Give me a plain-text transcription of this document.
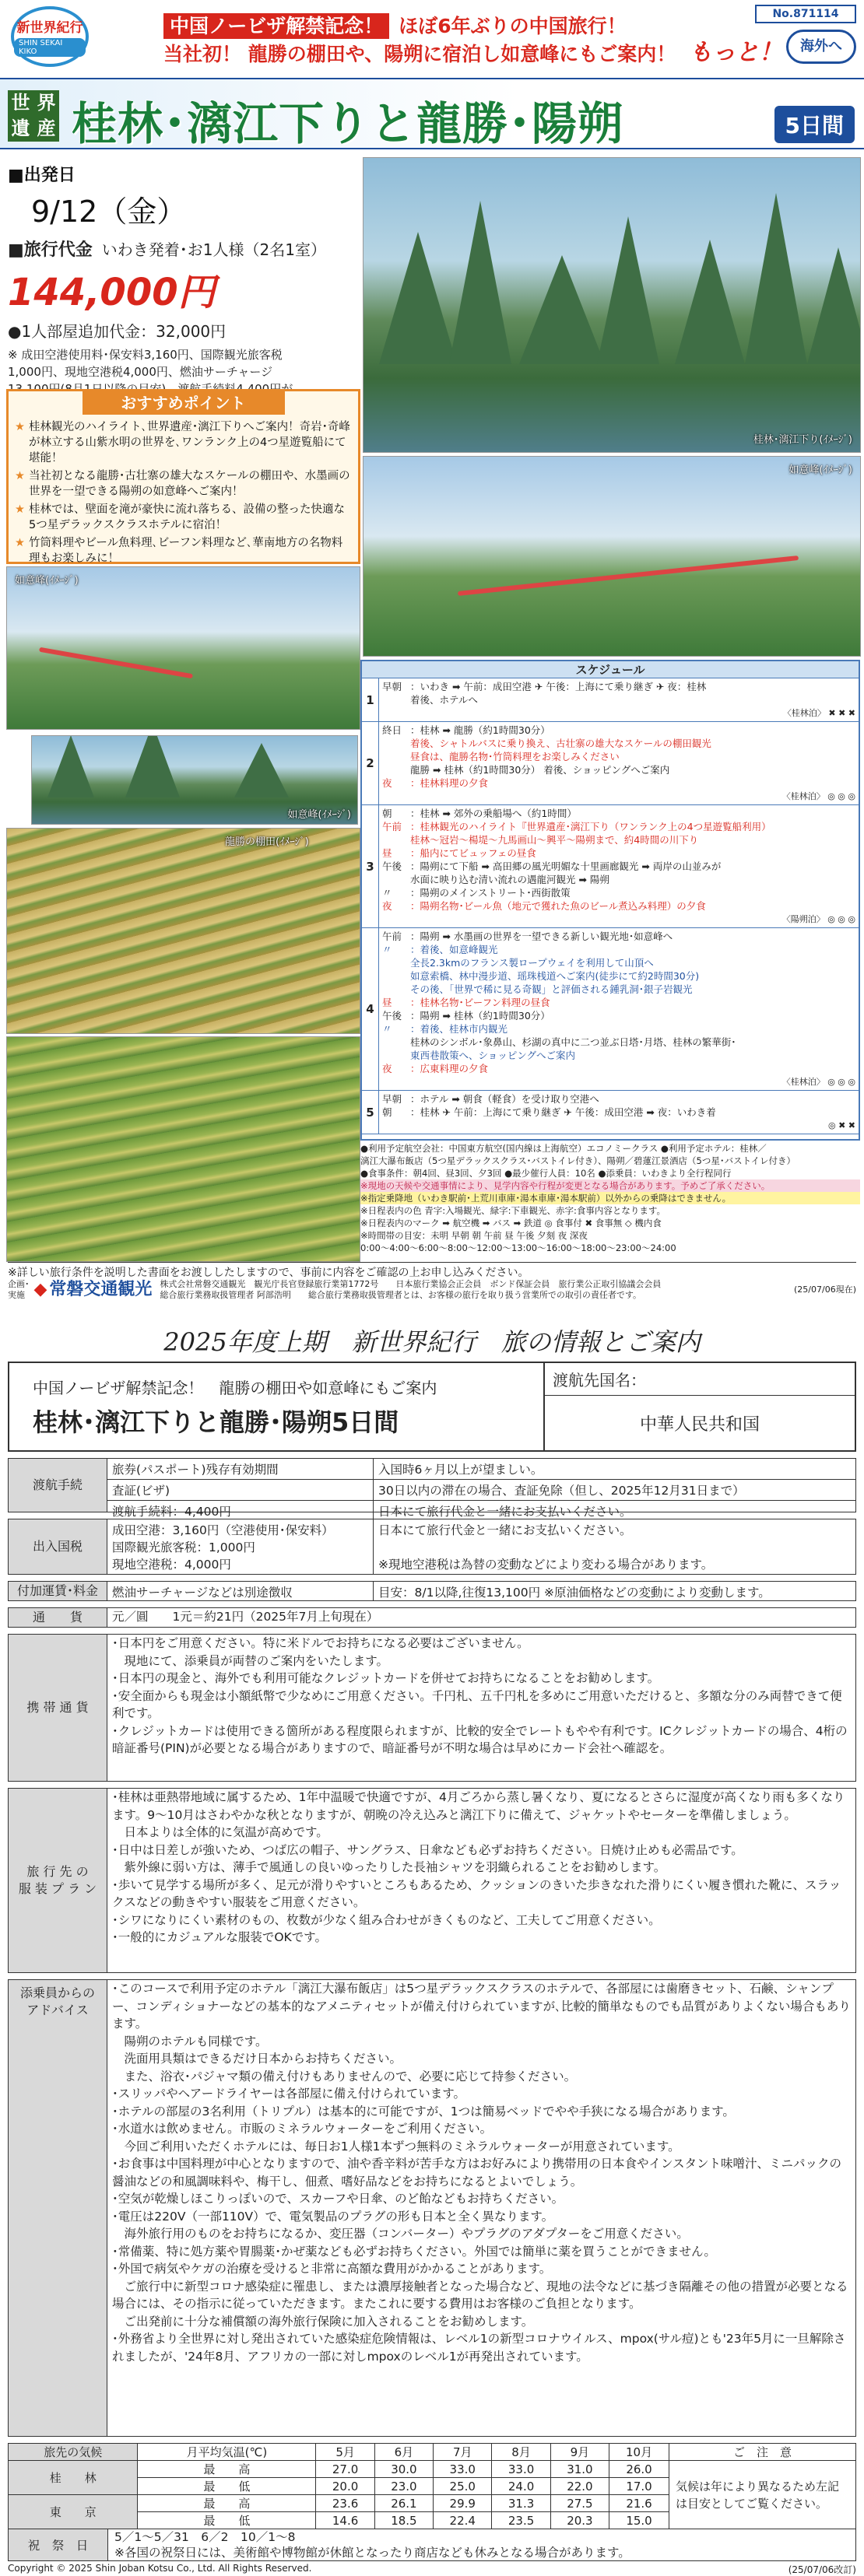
新世界紀行
SHIN SEKAI KIKO
中国ノービザ解禁記念！ ほぼ6年ぶりの中国旅行！
当社初！ 龍勝の棚田や、陽朔に宿泊し如意峰にもご案内！
No.871114
もっと！	海外へ
世 界
遺 産 桂林･漓江下りと龍勝･陽朔	5日間
■出発日
9/12（金）
■旅行代金 いわき発着･お1人様（2名1室）
144,000円
●1人部屋追加代金：32,000円
※ 成田空港使用料･保安料3,160円、国際観光旅客税
1,000円、現地空港税4,000円、燃油サーチャージ
おすすめポイント
★ 桂林観光のハイライト､世界遺産･漓江下りへご案内！奇岩･奇峰が林立する山紫水明の世界を､ワンランク上の4つ星遊覧船にて堪能！
★ 当社初となる龍勝･古壮寨の雄大なスケールの棚田や、水墨画の世界を一望できる陽朔の如意峰へご案内！
★ 桂林では、壁面を滝が豪快に流れ落ちる、設備の整った快適な5つ星デラックスクラスホテルに宿泊！
★ 竹筒料理やビール魚料理､ビーフン料理など､華南地方の名物料理もお楽しみに！
桂林･漓江下り(ｲﾒｰｼﾞ)
如意峰(ｲﾒｰｼﾞ)
如意峰(ｲﾒｰｼﾞ)
如意峰(ｲﾒｰｼﾞ)
龍勝の棚田(ｲﾒｰｼﾞ)
スケジュール
1
早朝 ：いわき ➡ 午前：成田空港 ✈ 午後：上海にて乗り継ぎ ✈ 夜：桂林
着後、ホテルへ
〈桂林泊〉 ✖ ✖ ✖
2
終日 ：桂林 ➡ 龍勝（約1時間30分）
着後、シャトルバスに乗り換え、古壮寨の雄大なスケールの棚田観光
昼食は、龍勝名物･竹筒料理をお楽しみください
龍勝 ➡ 桂林（約1時間30分） 着後、ショッピングへご案内
夜	：桂林料理の夕食
〈桂林泊〉 ◎ ◎ ◎
3
朝	：桂林 ➡ 郊外の乗船場へ（約1時間）
午前 ：桂林観光のハイライト『世界遺産･漓江下り（ワンランク上の4つ星遊覧船利用）
桂林〜冠岩〜楊堤〜九馬画山〜興平〜陽朔まで、約4時間の川下り
昼	：船内にてビュッフェの昼食
午後 ：陽朔にて下船 ➡ 高田郷の風光明媚な十里画廊観光 ➡ 両岸の山並みが
水面に映り込む清い流れの遇龍河観光 ➡ 陽朔
〃	：陽朔のメインストリート･西街散策
夜	：陽朔名物･ビール魚（地元で獲れた魚のビール煮込み料理）の夕食
〈陽朔泊〉 ◎ ◎ ◎
4
午前 ：陽朔 ➡ 水墨画の世界を一望できる新しい観光地･如意峰へ
〃	：着後、如意峰観光
全長2.3kmのフランス製ロープウェイを利用して山頂へ
如意索橋、林中漫步道、瑶珠桟道へご案内(徒歩にて約2時間30分)
その後、「世界で稀に見る奇観」と評価される鍾乳洞･銀子岩観光
昼	：桂林名物･ビーフン料理の昼食
午後 ：陽朔 ➡ 桂林（約1時間30分）
〃	：着後、桂林市内観光
桂林のシンボル･象鼻山、杉湖の真中に二つ並ぶ日塔･月塔、桂林の繁華街･
東西巷散策へ、ショッピングへご案内
夜	：広東料理の夕食
〈桂林泊〉 ◎ ◎ ◎
5
早朝 ：ホテル ➡ 朝食（軽食）を受け取り空港へ
朝	：桂林 ✈ 午前：上海にて乗り継ぎ ✈ 午後：成田空港 ➡ 夜：いわき着
◎ ✖ ✖
●利用予定航空会社：中国東方航空(国内線は上海航空）エコノミークラス ●利用予定ホテル：桂林／
漓江大瀑布飯店（5つ星デラックスクラス･バストイレ付き）、陽朔／碧蓮江景酒店（5つ星･バストイレ付き）
●食事条件：朝4回、昼3回、夕3回 ●最少催行人員：10名 ●添乗員：いわきより全行程同行
※現地の天候や交通事情により、見学内容や行程が変更となる場合があります。予めご了承ください。
※指定乗降地（いわき駅前･上荒川車庫･湯本車庫･湯本駅前）以外からの乗降はできません。
※日程表内の色 青字:入場観光、緑字:下車観光、赤字:食事内容となります。
※日程表内のマーク ➡ 航空機 ➡ バス ➡ 鉄道 ◎ 食事付 ✖ 食事無 ◇ 機内食
※時間帯の目安：未明 早朝 朝 午前 昼 午後 夕刻 夜 深夜
0:00〜4:00〜6:00〜8:00〜12:00〜13:00〜16:00〜18:00〜23:00〜24:00
※詳しい旅行条件を説明した書面をお渡ししたしますので、事前に内容をご確認の上お申し込みください。
企画･
実施	◆ 常磐交通観光 株式会社常磐交通観光　観光庁長官登録旅行業第1772号　　日本旅行業協会正会員　ボンド保証会員　旅行業公正取引協議会会員
総合旅行業務取扱管理者 阿部浩明　　総合旅行業務取扱管理者とは、お客様の旅行を取り扱う営業所での取引の責任者です。
(25/07/06現在)
2025年度上期　新世界紀行　旅の情報とご案内
中国ノービザ解禁記念！　龍勝の棚田や如意峰にもご案内
桂林･漓江下りと龍勝･陽朔5日間
渡航先国名：
中華人民共和国
渡航手続
旅券(パスポート)残存有効期間	入国時6ヶ月以上が望ましい。
査証(ビザ)	30日以内の滞在の場合、査証免除（但し、2025年12月31日まで）
渡航手続料：4,400円	日本にて旅行代金と一緒にお支払いください。
出入国税
成田空港：3,160円（空港使用･保安料）
国際観光旅客税：1,000円
現地空港税：4,000円
日本にて旅行代金と一緒にお支払いください。
※現地空港税は為替の変動などにより変わる場合があります。
付加運賃･料金	燃油サーチャージなどは別途徴収	目安：8/1以降,往復13,100円 ※原油価格などの変動により変動します。
通　　貨	元／圓　　1元＝約21円（2025年7月上旬現在）

携 帯 通 貨

･日本円をご用意ください。特に米ドルでお持ちになる必要はございません。

　現地にて、添乗員が両替のご案内をいたします。

･日本円の現金と、海外でも利用可能なクレジットカードを併せてお持ちになることをお勧めします。

･安全面からも現金は小額紙幣で少なめにご用意ください。千円札、五千円札を多めにご用意いただけると、多額な分のみ両替できて便利です。

･クレジットカードは使用できる箇所がある程度限られますが、比較的安全でレートもやや有利です。ICクレジットカードの場合、4桁の暗証番号(PIN)が必要となる場合がありますので、暗証番号が不明な場合は早めにカード会社へ確認を。

旅 行 先 の
服 装 プ ラ ン

･桂林は亜熱帯地域に属するため、1年中温暖で快適ですが、4月ごろから蒸し暑くなり、夏になるとさらに湿度が高くなり雨も多くなります。9〜10月はさわやかな秋となりますが、朝晩の冷え込みと漓江下りに備えて、ジャケットやセーターを準備しましょう。

　日本よりは全体的に気温が高めです。

･日中は日差しが強いため、つば広の帽子、サングラス、日傘なども必ずお持ちください。日焼け止めも必需品です。

　紫外線に弱い方は、薄手で風通しの良いゆったりした長袖シャツを羽織られることをお勧めします。

･歩いて見学する場所が多く、足元が滑りやすいところもあるため、クッションのきいた歩きなれた滑りにくい履き慣れた靴に、スラックスなどの動きやすい服装をご用意ください。

･シワになりにくい素材のもの、枚数が少なく組み合わせがきくものなど、工夫してご用意ください。

･一般的にカジュアルな服装でOKです。

添乗員からの
アドバイス

･このコースで利用予定のホテル「漓江大瀑布飯店」は5つ星デラックスクラスのホテルで、各部屋には歯磨きセット、石鹸、シャンプー、コンディショナーなどの基本的なアメニティセットが備え付けられていますが､比較的簡単なものでも品質がありよくない場合もあります。

　陽朔のホテルも同様です。

　洗面用具類はできるだけ日本からお持ちください。

　また、浴衣･パジャマ類の備え付けもありませんので、必要に応じて持参ください。

･スリッパやヘアードライヤーは各部屋に備え付けられています。

･ホテルの部屋の3名利用（トリプル）は基本的に可能ですが、1つは簡易ベッドでやや手狭になる場合があります。

･水道水は飲めません。市販のミネラルウォーターをご利用ください。

　今回ご利用いただくホテルには、毎日お1人様1本ずつ無料のミネラルウォーターが用意されています。

･お食事は中国料理が中心となりますので、油や香辛料が苦手な方はお好みにより携帯用の日本食やインスタント味噌汁、ミニパックの醤油などの和風調味料や、梅干し、佃煮、嗜好品などをお持ちになるとよいでしょう。

･空気が乾燥しほこりっぽいので、スカーフや日傘、のど飴などもお持ちください。

･電圧は220V（一部110V）で、電気製品のプラグの形も日本と全く異なります。

　海外旅行用のものをお持ちになるか、変圧器（コンバーター）やプラグのアダプターをご用意ください。

･常備薬、特に処方薬や胃腸薬･かぜ薬なども必ずお持ちください。外国では簡単に薬を買うことができません。

･外国で病気やケガの治療を受けると非常に高額な費用がかかることがあります。

　ご旅行中に新型コロナ感染症に罹患し、または濃厚接触者となった場合など、現地の法令などに基づき隔離その他の措置が必要となる場合には、その指示に従っていただきます。またこれに要する費用はお客様のご負担となります。

　ご出発前に十分な補償額の海外旅行保険に加入されることをお勧めします。

･外務省より全世界に対し発出されていた感染症危険情報は、レベル1の新型コロナウイルス、mpox(サル痘)とも'23年5月に一旦解除されましたが、'24年8月、アフリカの一部に対しmpoxのレベル1が再発出されています。

旅先の気候	月平均気温(℃)	5月	6月	7月	8月	9月	10月	ご　注　意
桂　　林	最　　高	27.0	30.0	33.0	33.0	31.0	26.0	気候は年により異なるため左記は目安としてご覧ください。
	最　　低	20.0	23.0	25.0	24.0	22.0	17.0	
東　　京	最　　高	23.6	26.1	29.9	31.3	27.5	21.6	
	最　　低	14.6	18.5	22.4	23.5	20.3	15.0	
祝　祭　日
5／1〜5／31　6／2　10／1〜8
※各国の祝祭日には、美術館や博物館が休館となったり商店なども休みとなる場合があります。
Copyright © 2025 Shin Joban Kotsu Co., Ltd. All Rights Reserved.	(25/07/06改訂)
